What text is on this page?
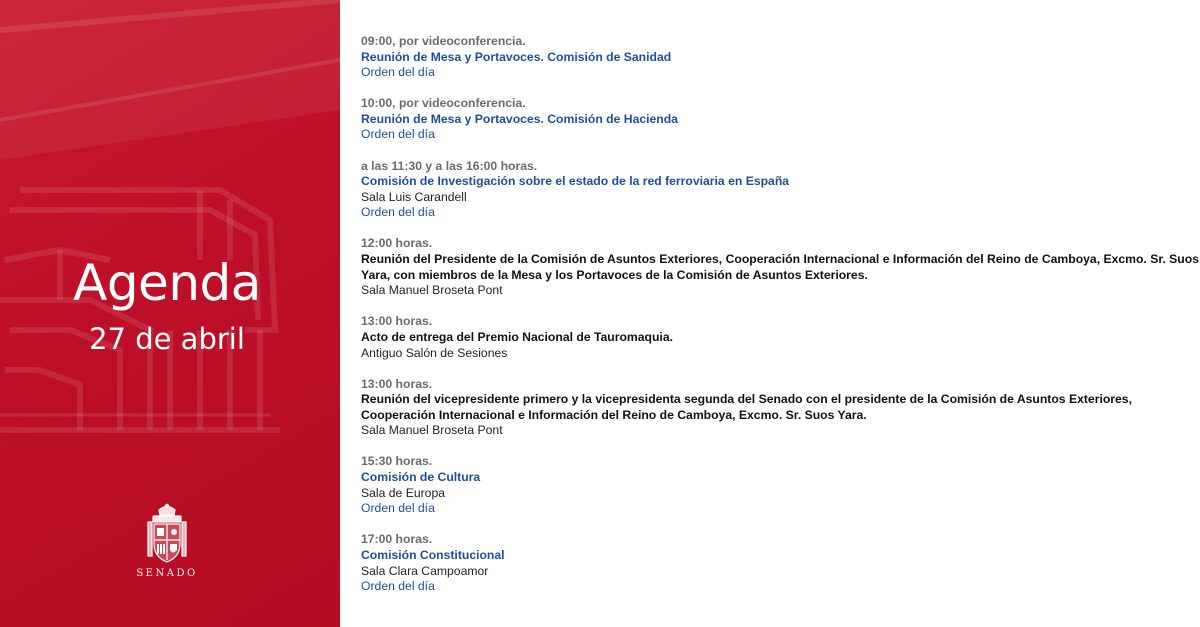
Agenda
27 de abril
SENADO
09:00, por videoconferencia.
Reunión de Mesa y Portavoces. Comisión de Sanidad
Orden del día
10:00, por videoconferencia.
Reunión de Mesa y Portavoces. Comisión de Hacienda
Orden del día
a las 11:30 y a las 16:00 horas.
Comisión de Investigación sobre el estado de la red ferroviaria en España
Sala Luis Carandell
Orden del día
12:00 horas.
Reunión del Presidente de la Comisión de Asuntos Exteriores, Cooperación Internacional e Información del Reino de Camboya, Excmo. Sr. Suos Yara, con miembros de la Mesa y los Portavoces de la Comisión de Asuntos Exteriores.
Sala Manuel Broseta Pont
13:00 horas.
Acto de entrega del Premio Nacional de Tauromaquia.
Antiguo Salón de Sesiones
13:00 horas.
Reunión del vicepresidente primero y la vicepresidenta segunda del Senado con el presidente de la Comisión de Asuntos Exteriores, Cooperación Internacional e Información del Reino de Camboya, Excmo. Sr. Suos Yara.
Sala Manuel Broseta Pont
15:30 horas.
Comisión de Cultura
Sala de Europa
Orden del día
17:00 horas.
Comisión Constitucional
Sala Clara Campoamor
Orden del día
